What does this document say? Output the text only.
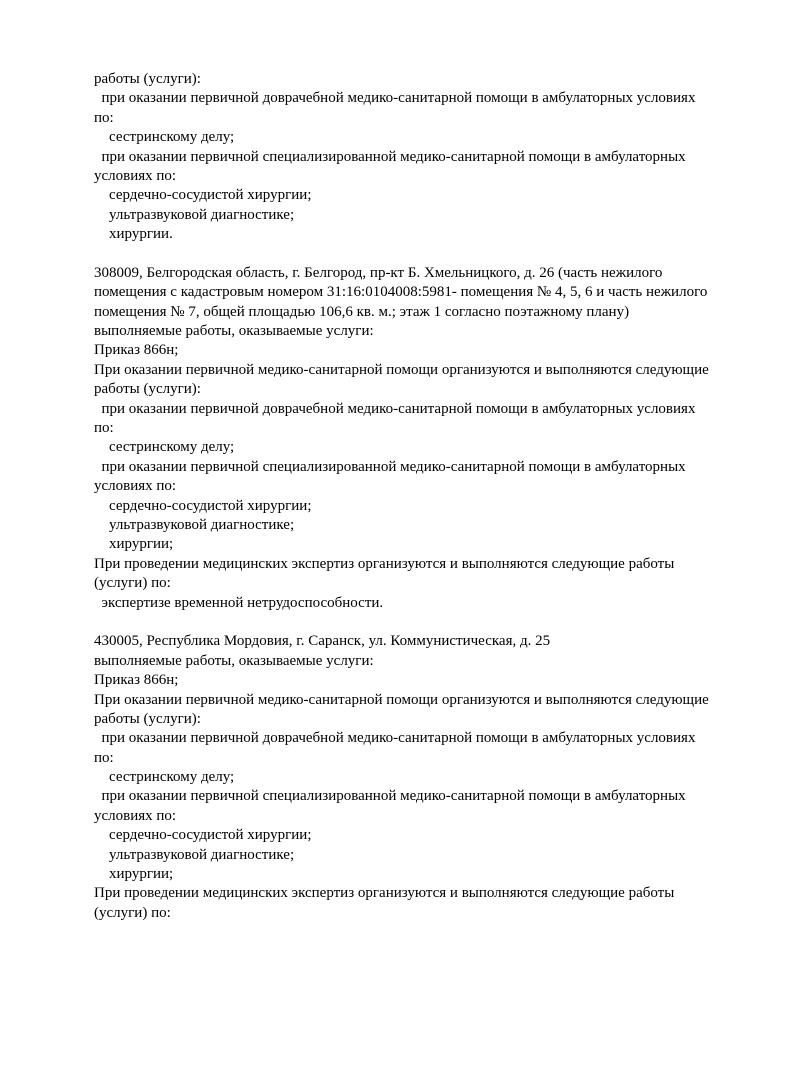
работы (услуги):
при оказании первичной доврачебной медико-санитарной помощи в амбулаторных условиях
по:
сестринскому делу;
при оказании первичной специализированной медико-санитарной помощи в амбулаторных
условиях по:
сердечно-сосудистой хирургии;
ультразвуковой диагностике;
хирургии.
308009, Белгородская область, г. Белгород, пр-кт Б. Хмельницкого, д. 26 (часть нежилого
помещения с кадастровым номером 31:16:0104008:5981- помещения № 4, 5, 6 и часть нежилого
помещения № 7, общей площадью 106,6 кв. м.; этаж 1 согласно поэтажному плану)
выполняемые работы, оказываемые услуги:
Приказ 866н;
При оказании первичной медико-санитарной помощи организуются и выполняются следующие
работы (услуги):
при оказании первичной доврачебной медико-санитарной помощи в амбулаторных условиях
по:
сестринскому делу;
при оказании первичной специализированной медико-санитарной помощи в амбулаторных
условиях по:
сердечно-сосудистой хирургии;
ультразвуковой диагностике;
хирургии;
При проведении медицинских экспертиз организуются и выполняются следующие работы
(услуги) по:
экспертизе временной нетрудоспособности.
430005, Республика Мордовия, г. Саранск, ул. Коммунистическая, д. 25
выполняемые работы, оказываемые услуги:
Приказ 866н;
При оказании первичной медико-санитарной помощи организуются и выполняются следующие
работы (услуги):
при оказании первичной доврачебной медико-санитарной помощи в амбулаторных условиях
по:
сестринскому делу;
при оказании первичной специализированной медико-санитарной помощи в амбулаторных
условиях по:
сердечно-сосудистой хирургии;
ультразвуковой диагностике;
хирургии;
При проведении медицинских экспертиз организуются и выполняются следующие работы
(услуги) по:
